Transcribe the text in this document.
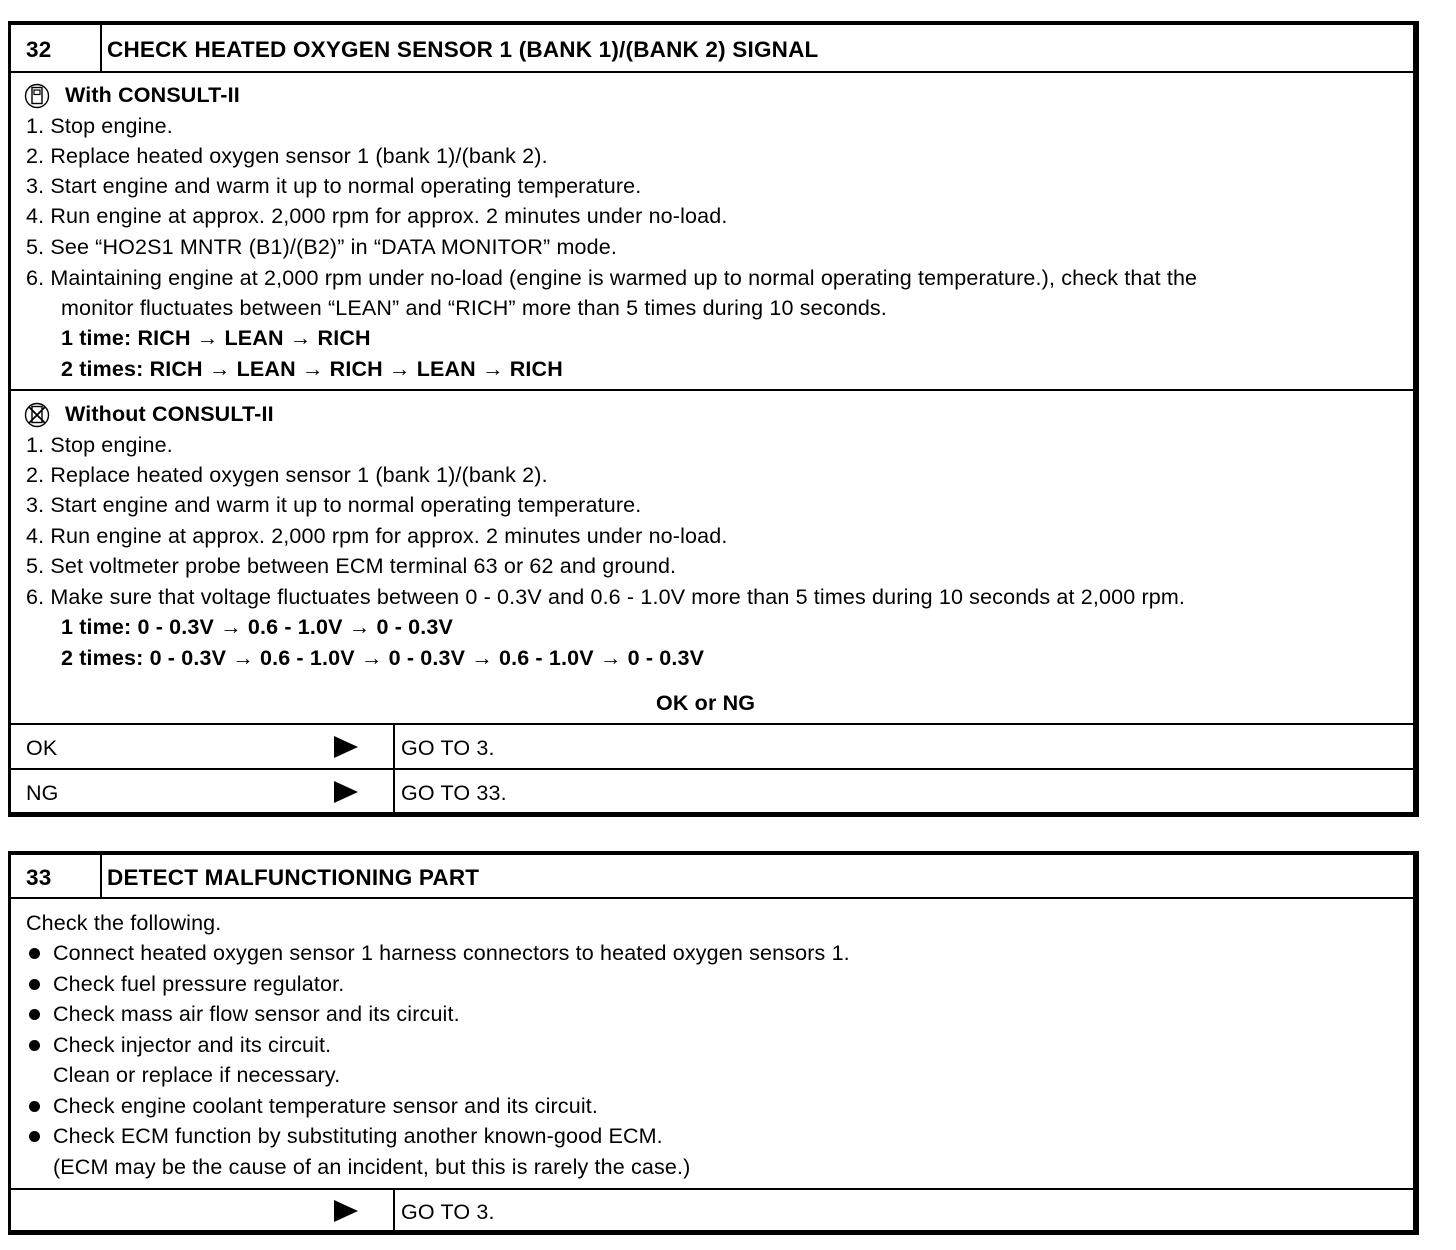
32 CHECK HEATED OXYGEN SENSOR 1 (BANK 1)/(BANK 2) SIGNAL
With CONSULT-II
1. Stop engine.
2. Replace heated oxygen sensor 1 (bank 1)/(bank 2).
3. Start engine and warm it up to normal operating temperature.
4. Run engine at approx. 2,000 rpm for approx. 2 minutes under no-load.
5. See “HO2S1 MNTR (B1)/(B2)” in “DATA MONITOR” mode.
6. Maintaining engine at 2,000 rpm under no-load (engine is warmed up to normal operating temperature.), check that the
monitor fluctuates between “LEAN” and “RICH” more than 5 times during 10 seconds.
1 time: RICH → LEAN → RICH
2 times: RICH → LEAN → RICH → LEAN → RICH
Without CONSULT-II
1. Stop engine.
2. Replace heated oxygen sensor 1 (bank 1)/(bank 2).
3. Start engine and warm it up to normal operating temperature.
4. Run engine at approx. 2,000 rpm for approx. 2 minutes under no-load.
5. Set voltmeter probe between ECM terminal 63 or 62 and ground.
6. Make sure that voltage fluctuates between 0 - 0.3V and 0.6 - 1.0V more than 5 times during 10 seconds at 2,000 rpm.
1 time: 0 - 0.3V → 0.6 - 1.0V → 0 - 0.3V
2 times: 0 - 0.3V → 0.6 - 1.0V → 0 - 0.3V → 0.6 - 1.0V → 0 - 0.3V
OK or NG
OK	GO TO 3.
NG	GO TO 33.
33 DETECT MALFUNCTIONING PART
Check the following.
Connect heated oxygen sensor 1 harness connectors to heated oxygen sensors 1.
Check fuel pressure regulator.
Check mass air flow sensor and its circuit.
Check injector and its circuit.
Clean or replace if necessary.
Check engine coolant temperature sensor and its circuit.
Check ECM function by substituting another known-good ECM.
(ECM may be the cause of an incident, but this is rarely the case.)
GO TO 3.
